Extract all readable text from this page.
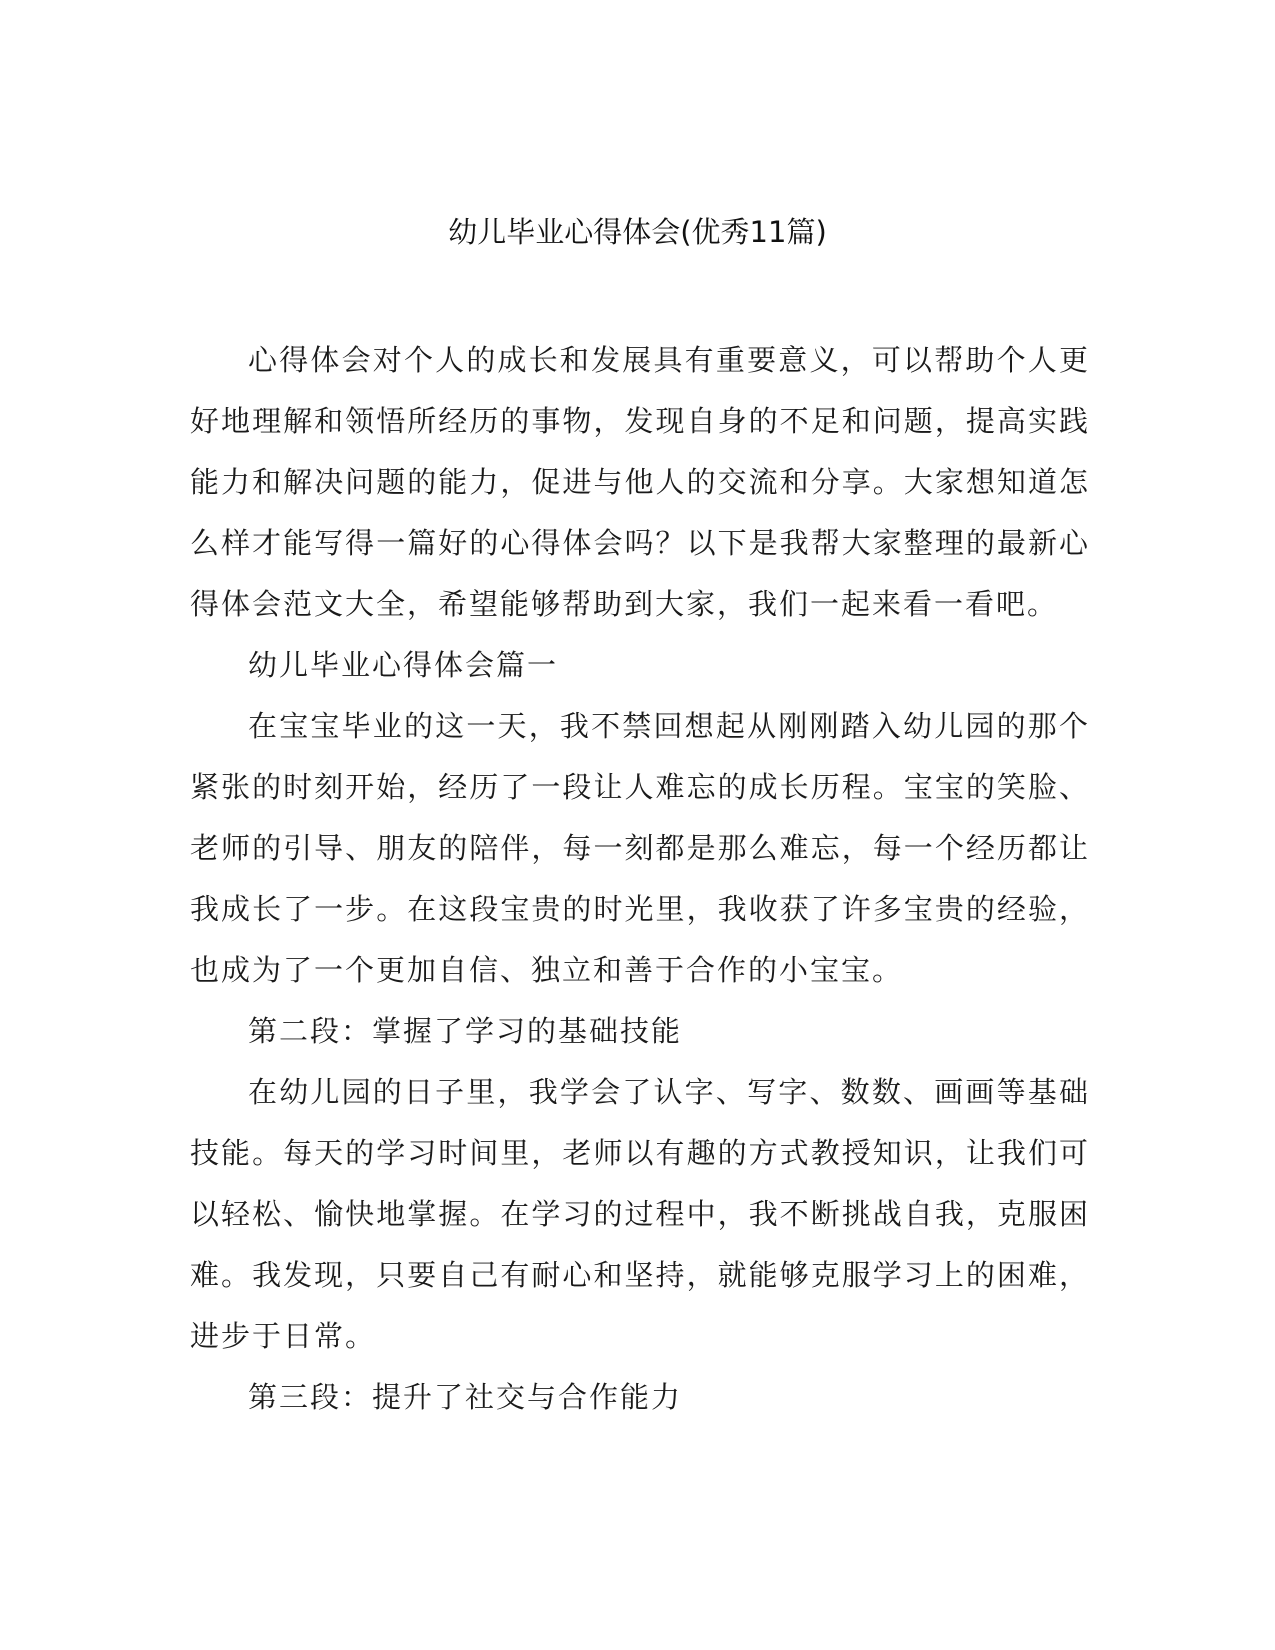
幼儿毕业心得体会(优秀11篇)

心得体会对个人的成长和发展具有重要意义，可以帮助个人更好地理解和领悟所经历的事物，发现自身的不足和问题，提高实践能力和解决问题的能力，促进与他人的交流和分享。大家想知道怎么样才能写得一篇好的心得体会吗？以下是我帮大家整理的最新心得体会范文大全，希望能够帮助到大家，我们一起来看一看吧。

幼儿毕业心得体会篇一

在宝宝毕业的这一天，我不禁回想起从刚刚踏入幼儿园的那个紧张的时刻开始，经历了一段让人难忘的成长历程。宝宝的笑脸、老师的引导、朋友的陪伴，每一刻都是那么难忘，每一个经历都让我成长了一步。在这段宝贵的时光里，我收获了许多宝贵的经验，也成为了一个更加自信、独立和善于合作的小宝宝。

第二段：掌握了学习的基础技能

在幼儿园的日子里，我学会了认字、写字、数数、画画等基础技能。每天的学习时间里，老师以有趣的方式教授知识，让我们可以轻松、愉快地掌握。在学习的过程中，我不断挑战自我，克服困难。我发现，只要自己有耐心和坚持，就能够克服学习上的困难，进步于日常。

第三段：提升了社交与合作能力
